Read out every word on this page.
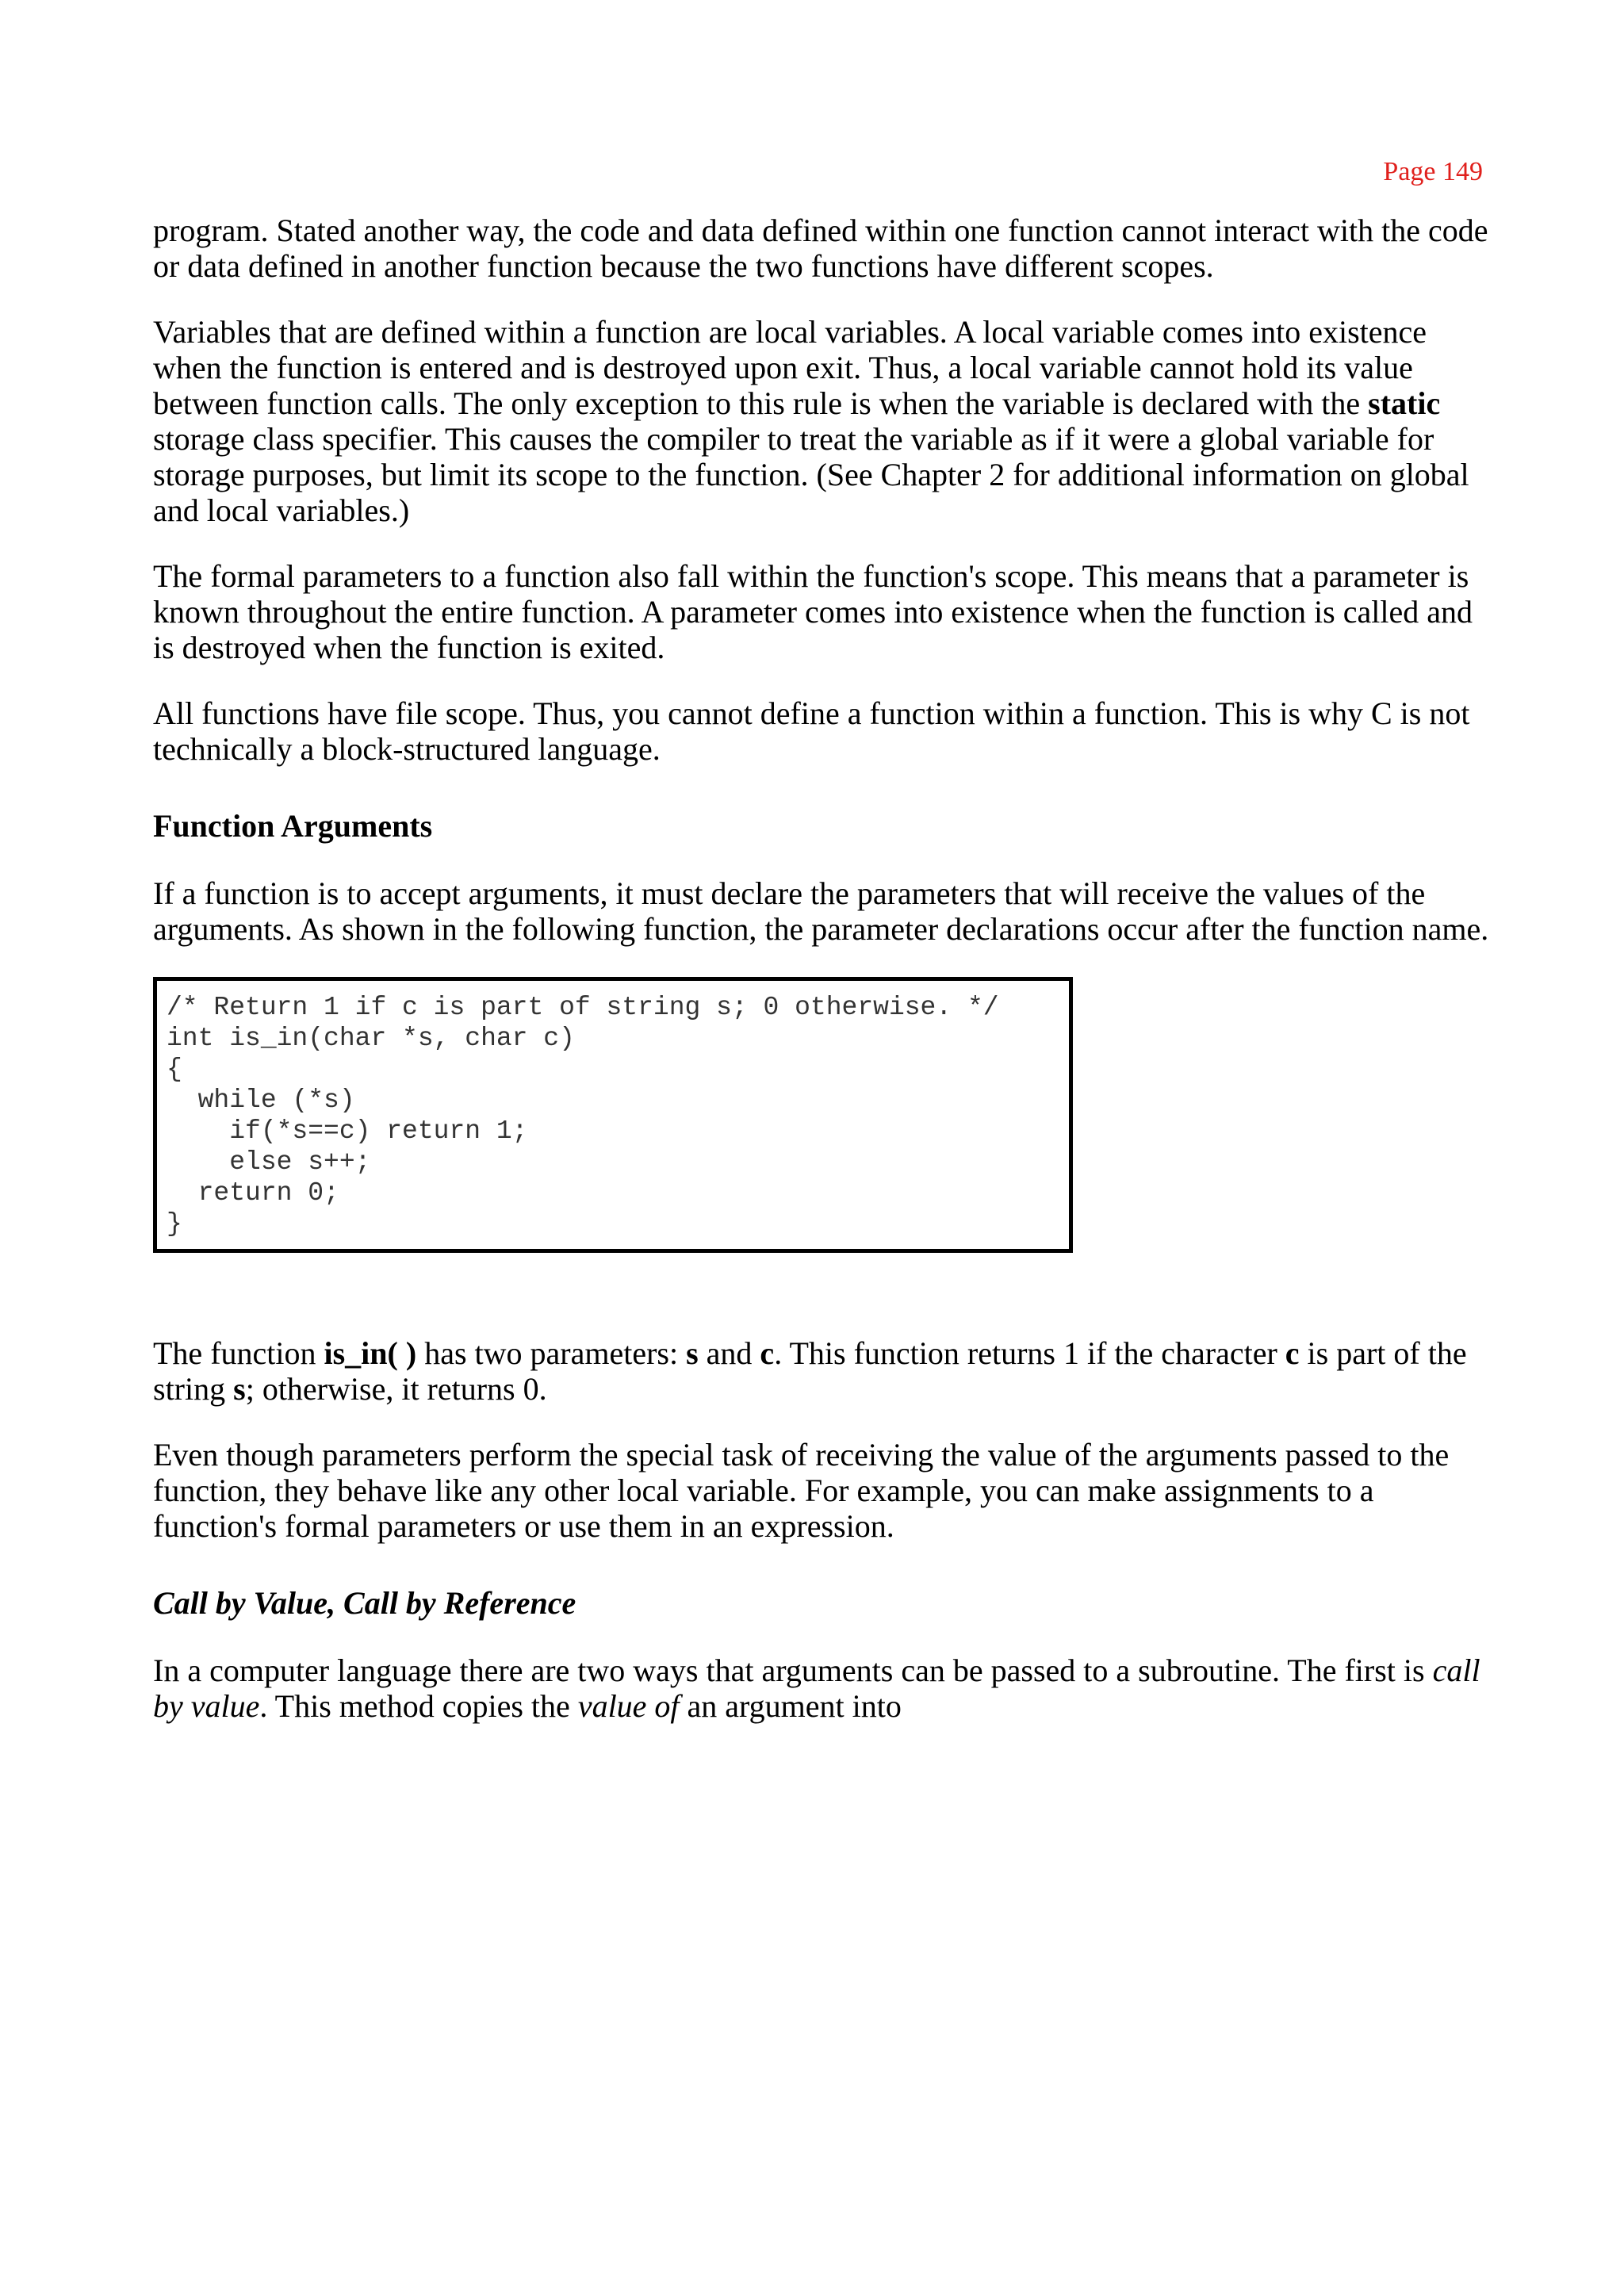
Page 149

program. Stated another way, the code and data defined within one function cannot interact with the code or data defined in another function because the two functions have different scopes.

Variables that are defined within a function are local variables. A local variable comes into existence when the function is entered and is destroyed upon exit. Thus, a local variable cannot hold its value between function calls. The only exception to this rule is when the variable is declared with the static storage class specifier. This causes the compiler to treat the variable as if it were a global variable for storage purposes, but limit its scope to the function. (See Chapter 2 for additional information on global and local variables.)

The formal parameters to a function also fall within the function's scope. This means that a parameter is known throughout the entire function. A parameter comes into existence when the function is called and is destroyed when the function is exited.

All functions have file scope. Thus, you cannot define a function within a function. This is why C is not technically a block-structured language.

Function Arguments

If a function is to accept arguments, it must declare the parameters that will receive the values of the arguments. As shown in the following function, the parameter declarations occur after the function name.

/* Return 1 if c is part of string s; 0 otherwise. */
int is_in(char *s, char c)
{
while (*s)
if(*s==c) return 1;
else s++;
return 0;
}

The function is_in( ) has two parameters: s and c. This function returns 1 if the character c is part of the string s; otherwise, it returns 0.

Even though parameters perform the special task of receiving the value of the arguments passed to the function, they behave like any other local variable. For example, you can make assignments to a function's formal parameters or use them in an expression.

Call by Value, Call by Reference

In a computer language there are two ways that arguments can be passed to a subroutine. The first is call by value. This method copies the value of an argument into
